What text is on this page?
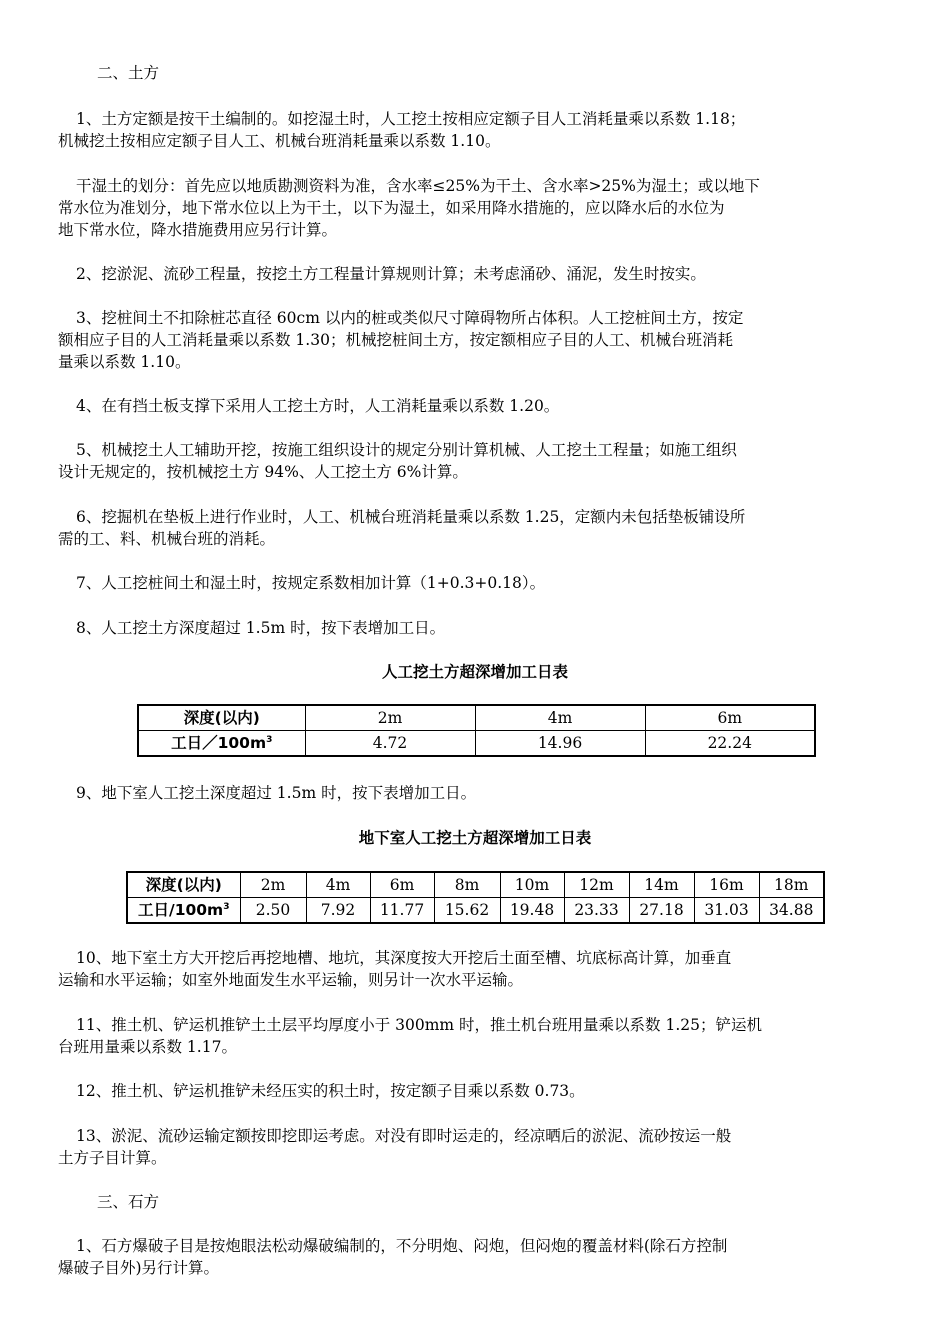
二、土方
1、土方定额是按干土编制的。如挖湿土时，人工挖土按相应定额子目人工消耗量乘以系数 1.18；
机械挖土按相应定额子目人工、机械台班消耗量乘以系数 1.10。
干湿土的划分：首先应以地质勘测资料为准，含水率≤25%为干土、含水率>25%为湿土；或以地下
常水位为准划分，地下常水位以上为干土，以下为湿土，如采用降水措施的，应以降水后的水位为
地下常水位，降水措施费用应另行计算。
2、挖淤泥、流砂工程量，按挖土方工程量计算规则计算；未考虑涌砂、涌泥，发生时按实。
3、挖桩间土不扣除桩芯直径 60cm 以内的桩或类似尺寸障碍物所占体积。人工挖桩间土方，按定
额相应子目的人工消耗量乘以系数 1.30；机械挖桩间土方，按定额相应子目的人工、机械台班消耗
量乘以系数 1.10。
4、在有挡土板支撑下采用人工挖土方时，人工消耗量乘以系数 1.20。
5、机械挖土人工辅助开挖，按施工组织设计的规定分别计算机械、人工挖土工程量；如施工组织
设计无规定的，按机械挖土方 94%、人工挖土方 6%计算。
6、挖掘机在垫板上进行作业时，人工、机械台班消耗量乘以系数 1.25，定额内未包括垫板铺设所
需的工、料、机械台班的消耗。
7、人工挖桩间土和湿土时，按规定系数相加计算（1+0.3+0.18）。
8、人工挖土方深度超过 1.5m 时，按下表增加工日。
人工挖土方超深增加工日表
深度(以内)	2m	4m	6m
工日$/100m^3$	4.72	14.96	22.24
9、地下室人工挖土深度超过 1.5m 时，按下表增加工日。
地下室人工挖土方超深增加工日表
深度(以内)	2m	4m	6m	8m	10m	12m	14m	16m	18m
工日$/100m^3$	2.50	7.92	11.77	15.62	19.48	23.33	27.18	31.03	34.88
10、地下室土方大开挖后再挖地槽、地坑，其深度按大开挖后土面至槽、坑底标高计算，加垂直
运输和水平运输；如室外地面发生水平运输，则另计一次水平运输。
11、推土机、铲运机推铲土土层平均厚度小于 300mm 时，推土机台班用量乘以系数 1.25；铲运机
台班用量乘以系数 1.17。
12、推土机、铲运机推铲未经压实的积土时，按定额子目乘以系数 0.73。
13、淤泥、流砂运输定额按即挖即运考虑。对没有即时运走的，经凉晒后的淤泥、流砂按运一般
土方子目计算。
三、石方
1、石方爆破子目是按炮眼法松动爆破编制的，不分明炮、闷炮，但闷炮的覆盖材料(除石方控制
爆破子目外)另行计算。
